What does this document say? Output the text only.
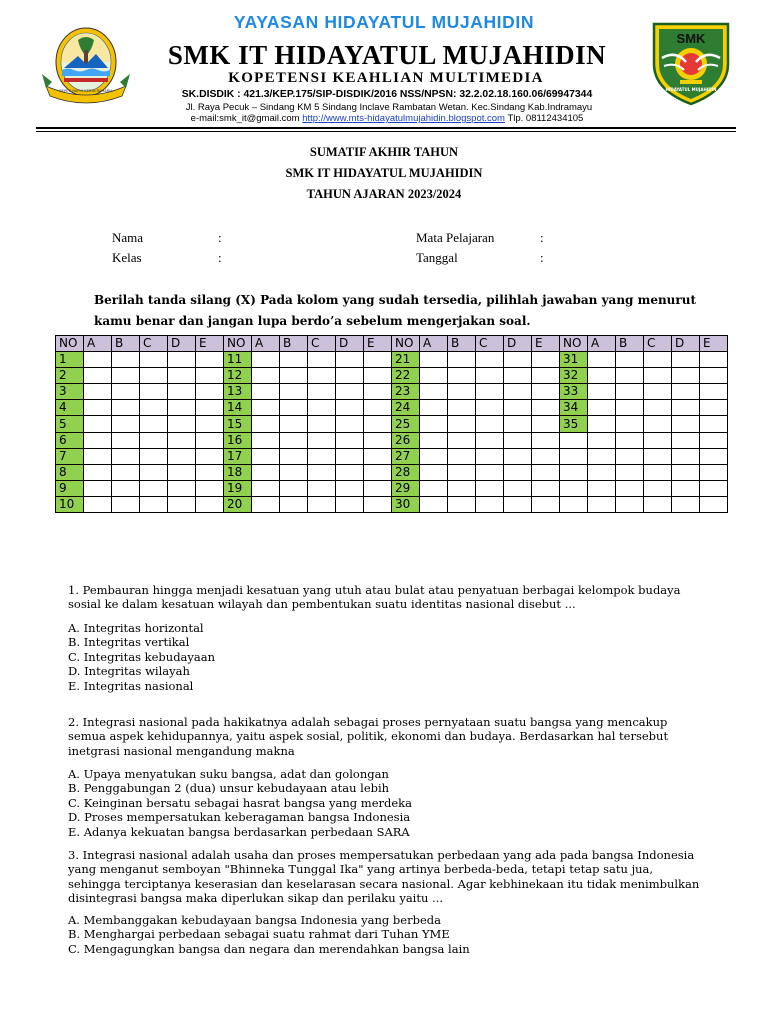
REPEH RAPIH KERTA RAHARJA
SMK
HIDAYATUL MUJAHIDIN
YAYASAN HIDAYATUL MUJAHIDIN
SMK IT HIDAYATUL MUJAHIDIN
KOPETENSI KEAHLIAN MULTIMEDIA
SK.DISDIK : 421.3/KEP.175/SIP-DISDIK/2016 NSS/NPSN: 32.2.02.18.160.06/69947344
Jl. Raya Pecuk – Sindang KM 5 Sindang Inclave Rambatan Wetan. Kec.Sindang Kab.Indramayu
e-mail:smk_it@gmail.com http://www.mts-hidayatulmujahidin.blogspot.com Tlp. 08112434105
SUMATIF AKHIR TAHUN
SMK IT HIDAYATUL MUJAHIDIN
TAHUN AJARAN 2023/2024
Nama	:
Kelas	:
Mata Pelajaran	:
Tanggal	:
Berilah tanda silang (X) Pada kolom yang sudah tersedia, pilihlah jawaban yang menurut kamu benar dan jangan lupa berdo’a sebelum mengerjakan soal.
NO	A	B	C	D	E	NO	A	B	C	D	E	NO	A	B	C	D	E	NO	A	B	C	D	E
1						11						21						31					
2						12						22						32					
3						13						23						33					
4						14						24						34					
5						15						25						35					
6						16						26											
7						17						27											
8						18						28											
9						19						29											
10						20						30											
1. Pembauran hingga menjadi kesatuan yang utuh atau bulat atau penyatuan berbagai kelompok budaya sosial ke dalam kesatuan wilayah dan pembentukan suatu identitas nasional disebut ...
A. Integritas horizontal
B. Integritas vertikal
C. Integritas kebudayaan
D. Integritas wilayah
E. Integritas nasional
2. Integrasi nasional pada hakikatnya adalah sebagai proses pernyataan suatu bangsa yang mencakup semua aspek kehidupannya, yaitu aspek sosial, politik, ekonomi dan budaya. Berdasarkan hal tersebut inetgrasi nasional mengandung makna
A. Upaya menyatukan suku bangsa, adat dan golongan
B. Penggabungan 2 (dua) unsur kebudayaan atau lebih
C. Keinginan bersatu sebagai hasrat bangsa yang merdeka
D. Proses mempersatukan keberagaman bangsa Indonesia
E. Adanya kekuatan bangsa berdasarkan perbedaan SARA
3. Integrasi nasional adalah usaha dan proses mempersatukan perbedaan yang ada pada bangsa Indonesia yang menganut semboyan "Bhinneka Tunggal Ika" yang artinya berbeda-beda, tetapi tetap satu jua, sehingga terciptanya keserasian dan keselarasan secara nasional. Agar kebhinekaan itu tidak menimbulkan disintegrasi bangsa maka diperlukan sikap dan perilaku yaitu ...
A. Membanggakan kebudayaan bangsa Indonesia yang berbeda
B. Menghargai perbedaan sebagai suatu rahmat dari Tuhan YME
C. Mengagungkan bangsa dan negara dan merendahkan bangsa lain
